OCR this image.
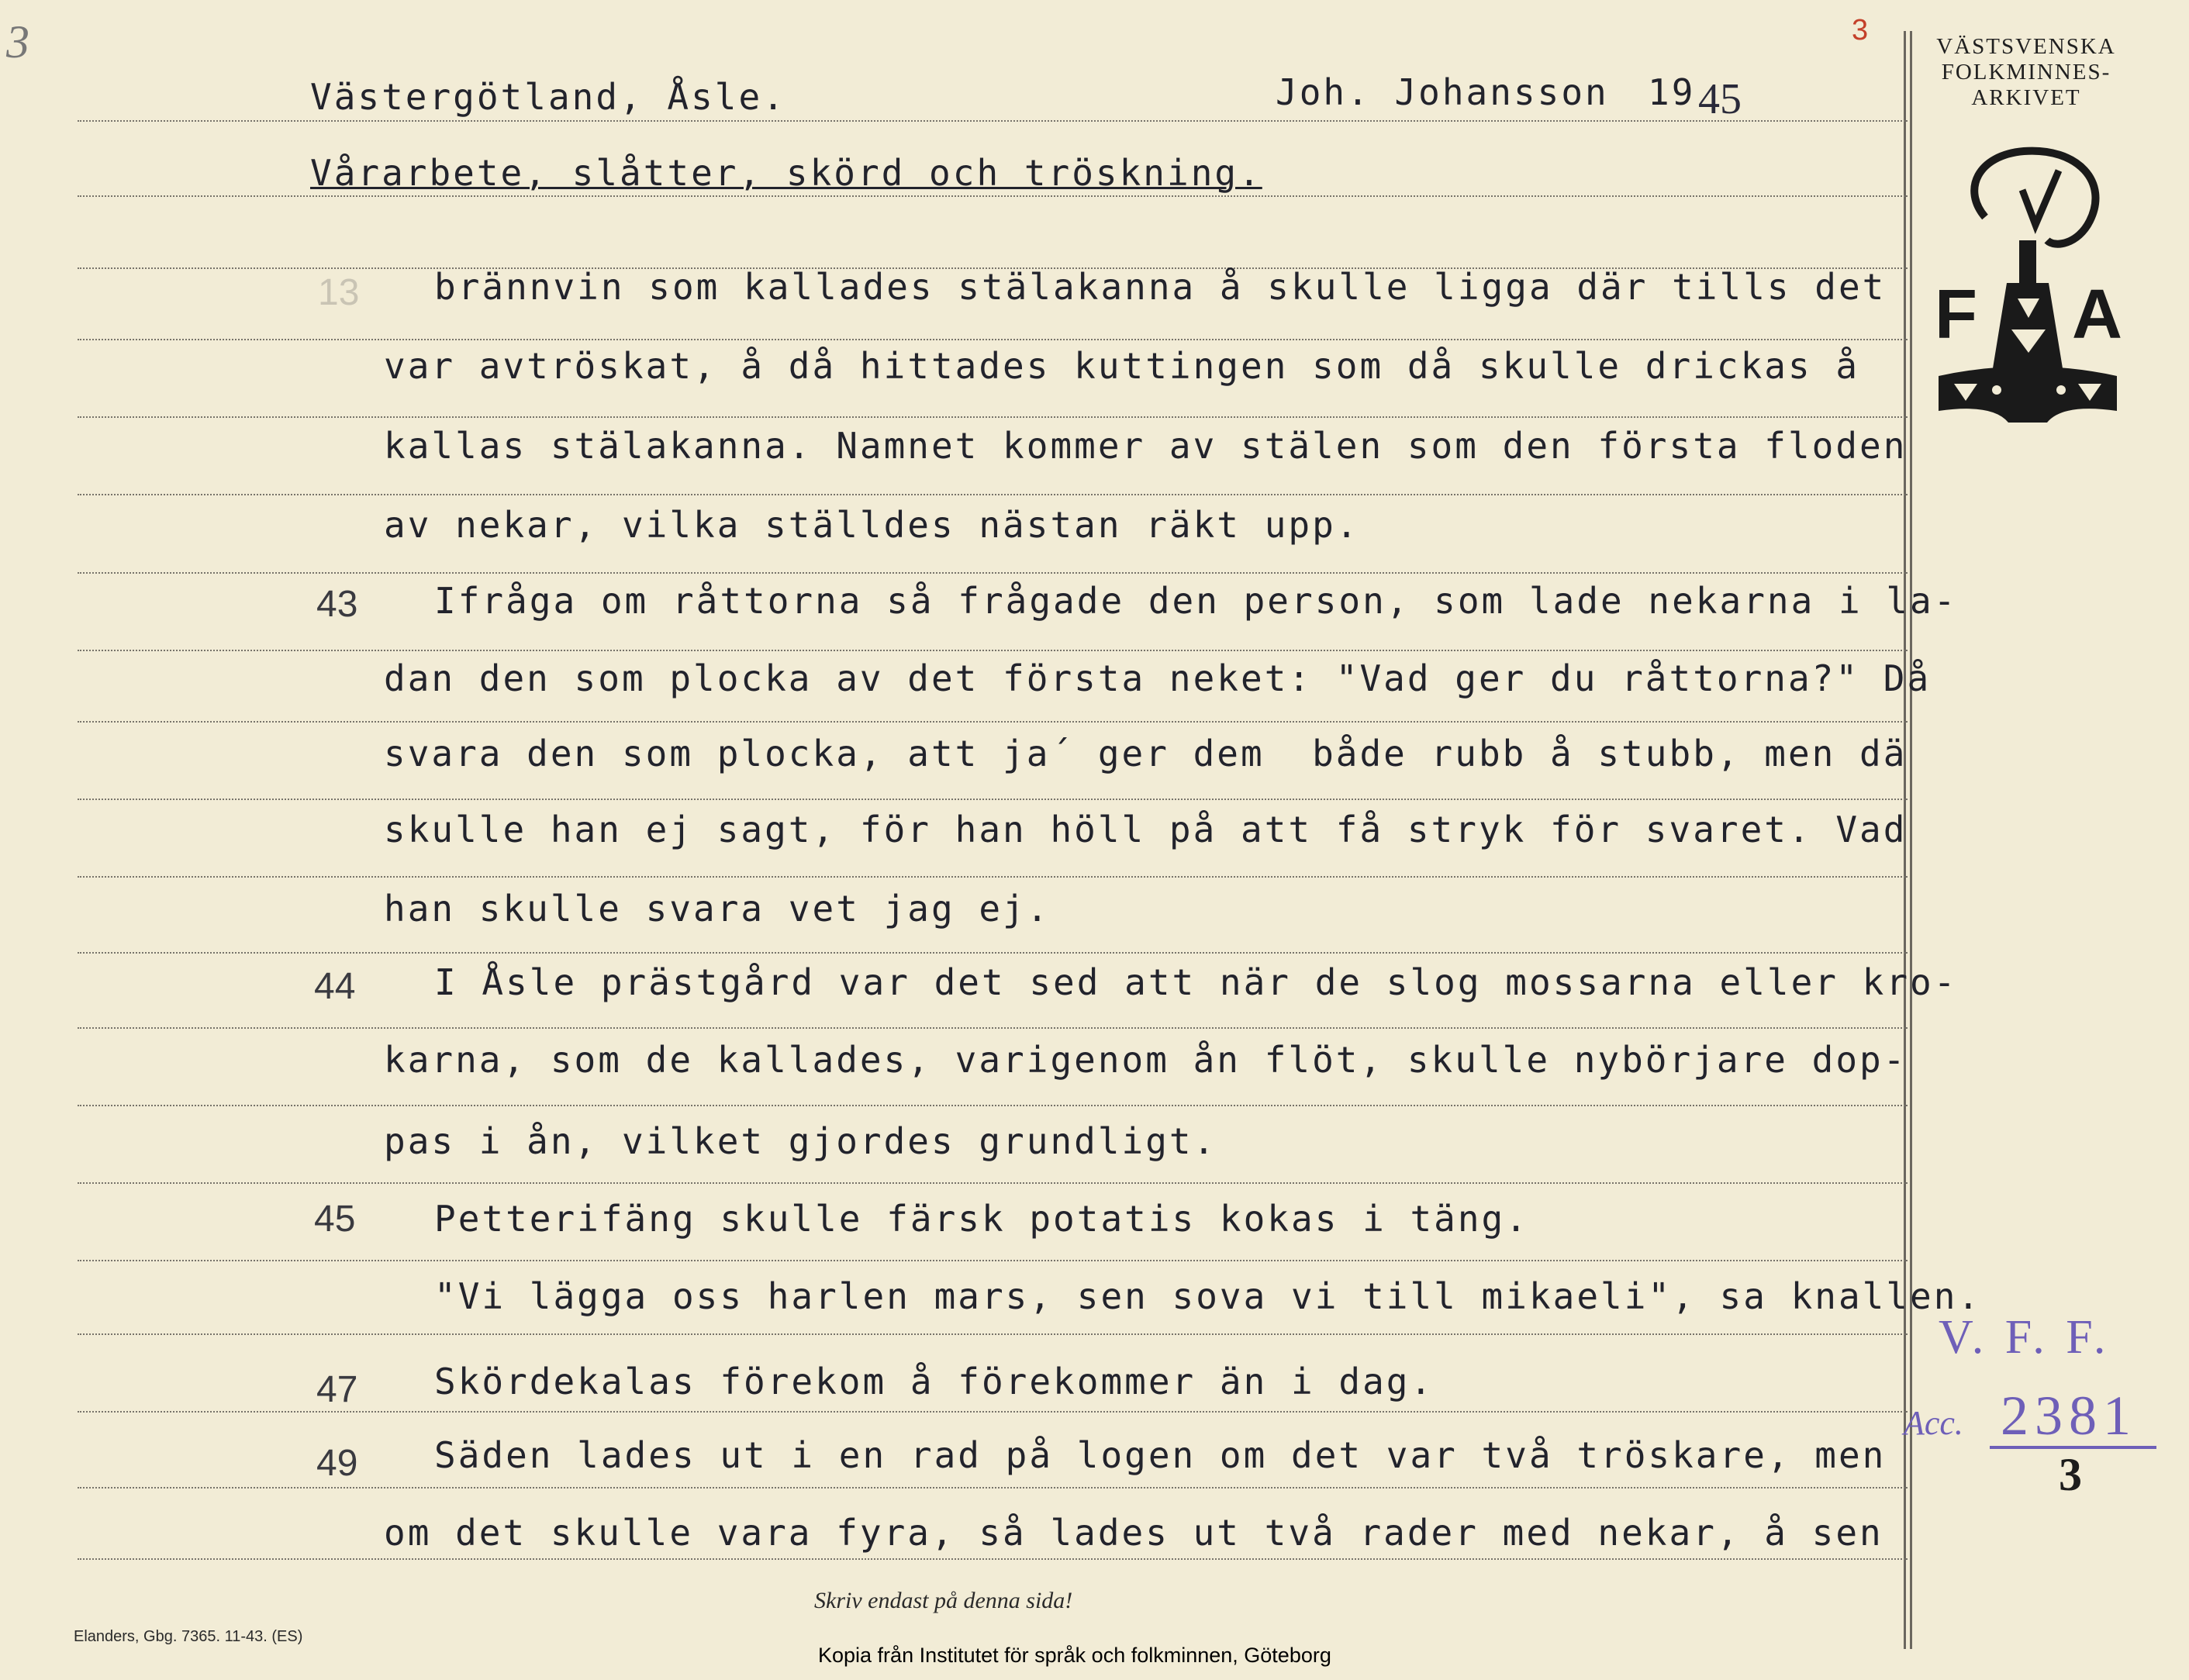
3	3
Västergötland, Åsle.	Joh. Johansson 19 45
Vårarbete, slåtter, skörd och tröskning.
VÄSTSVENSKA
FOLKMINNES-
ARKIVET
F A
13
43
44
45
47
49
brännvin som kallades stälakanna å skulle ligga där tills det
var avtröskat, å då hittades kuttingen som då skulle drickas å
kallas stälakanna. Namnet kommer av stälen som den första floden
av nekar, vilka ställdes nästan räkt upp.
Ifråga om råttorna så frågade den person, som lade nekarna i la-
dan den som plocka av det första neket: "Vad ger du råttorna?" Då
svara den som plocka, att ja´ ger dem  både rubb å stubb, men dä
skulle han ej sagt, för han höll på att få stryk för svaret. Vad
han skulle svara vet jag ej.
I Åsle prästgård var det sed att när de slog mossarna eller kro-
karna, som de kallades, varigenom ån flöt, skulle nybörjare dop-
pas i ån, vilket gjordes grundligt.
Petterifäng skulle färsk potatis kokas i täng.
"Vi lägga oss harlen mars, sen sova vi till mikaeli", sa knallen.
Skördekalas förekom å förekommer än i dag.
Säden lades ut i en rad på logen om det var två tröskare, men
om det skulle vara fyra, så lades ut två rader med nekar, å sen
V. F. F.
Acc. 2381
3
Skriv endast på denna sida!
Elanders, Gbg. 7365. 11-43. (ES)
Kopia från Institutet för språk och folkminnen, Göteborg
